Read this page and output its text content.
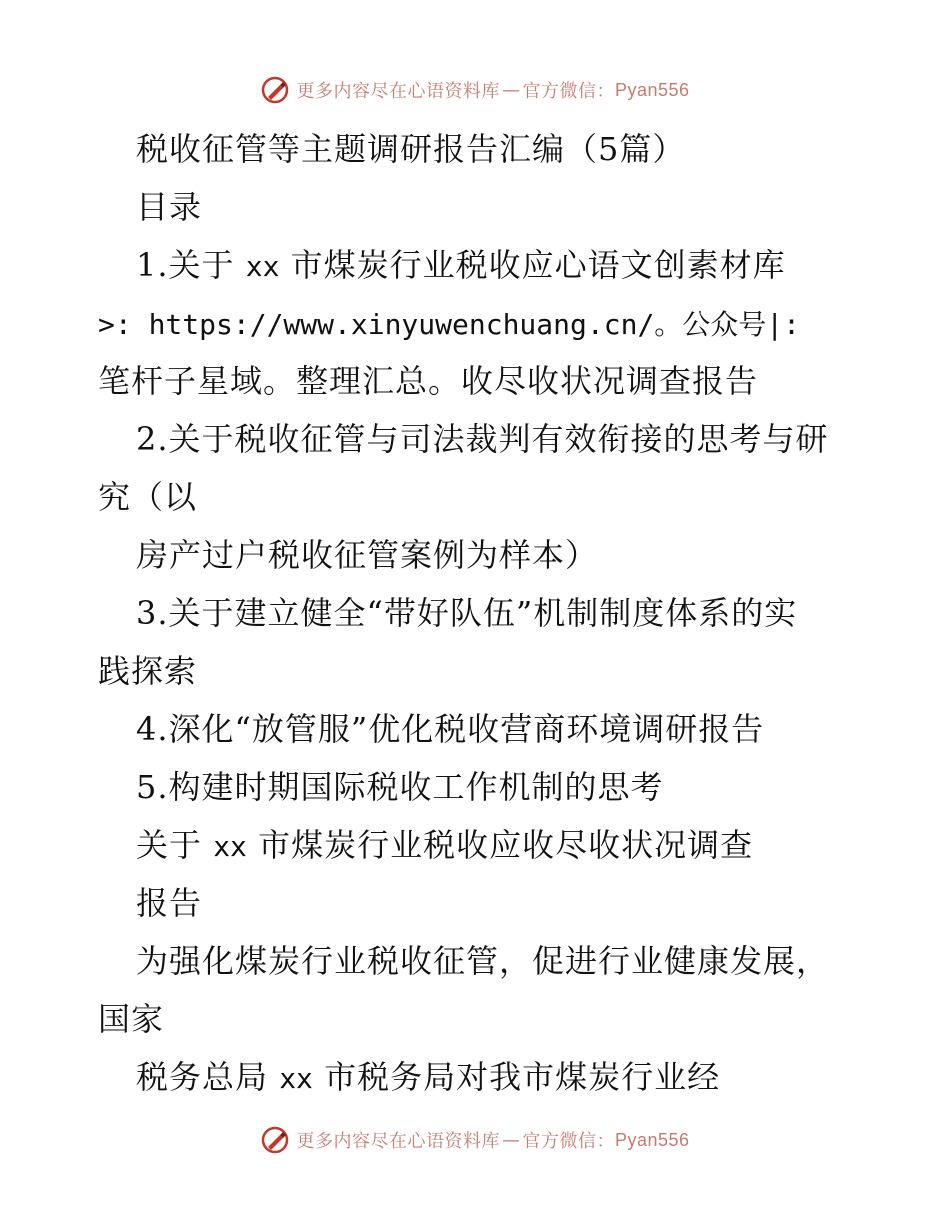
更多内容尽在心语资料库 — 官方微信： Pyan556
税收征管等主题调研报告汇编（5篇）
目录
1.关于 xx 市煤炭行业税收应心语文创素材库
>: https://www.xinyuwenchuang.cn/。公众号|:
笔杆子星域。整理汇总。收尽收状况调查报告
2.关于税收征管与司法裁判有效衔接的思考与研
究（以
房产过户税收征管案例为样本）
3.关于建立健全“带好队伍”机制制度体系的实
践探索
4.深化“放管服”优化税收营商环境调研报告
5.构建时期国际税收工作机制的思考
关于 xx 市煤炭行业税收应收尽收状况调查
报告
为强化煤炭行业税收征管，促进行业健康发展，
国家
税务总局 xx 市税务局对我市煤炭行业经
更多内容尽在心语资料库 — 官方微信： Pyan556
